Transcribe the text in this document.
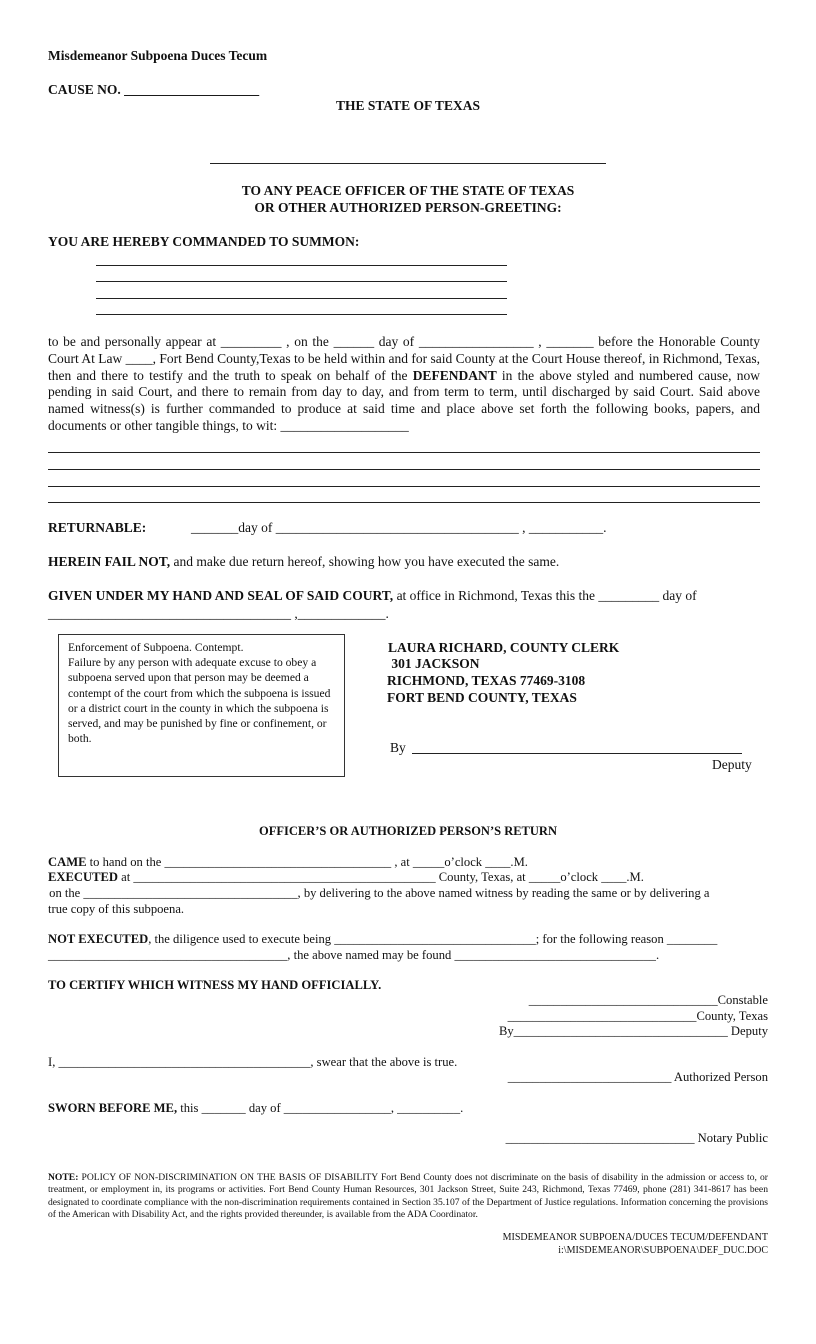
Misdemeanor Subpoena Duces Tecum
CAUSE NO. ____________________
THE STATE OF TEXAS
TO ANY PEACE OFFICER OF THE STATE OF TEXAS
OR OTHER AUTHORIZED PERSON-GREETING:
YOU ARE HEREBY COMMANDED TO SUMMON:
to be and personally appear at _________ , on the ______ day of _________________ , _______ before the Honorable County Court At Law ____, Fort Bend County,Texas to be held within and for said County at the Court House thereof, in Richmond, Texas, then and there to testify and the truth to speak on behalf of the DEFENDANT in the above styled and numbered cause, now pending in said Court, and there to remain from day to day, and from term to term, until discharged by said Court. Said above named witness(s) is further commanded to produce at said time and place above set forth the following books, papers, and documents or other tangible things, to wit: ___________________
RETURNABLE:	_______day of ____________________________________ , ___________.
HEREIN FAIL NOT, and make due return hereof, showing how you have executed the same.
GIVEN UNDER MY HAND AND SEAL OF SAID COURT, at office in Richmond, Texas this the _________ day of
____________________________________ ,_____________.
Enforcement of Subpoena. Contempt.
Failure by any person with adequate excuse to obey a subpoena served upon that person may be deemed a contempt of the court from which the subpoena is issued or a district court in the county in which the subpoena is served, and may be punished by fine or confinement, or both.
LAURA RICHARD, COUNTY CLERK
301 JACKSON
RICHMOND, TEXAS 77469-3108
FORT BEND COUNTY, TEXAS
By
Deputy
OFFICER’S OR AUTHORIZED PERSON’S RETURN
CAME to hand on the ____________________________________ , at _____o’clock ____.M.
EXECUTED at ________________________________________________ County, Texas, at _____o’clock ____.M.
on the __________________________________, by delivering to the above named witness by reading the same or by delivering a
true copy of this subpoena.
NOT EXECUTED, the diligence used to execute being ________________________________; for the following reason ________
______________________________________, the above named may be found ________________________________.
TO CERTIFY WHICH WITNESS MY HAND OFFICIALLY.
______________________________Constable
______________________________County, Texas
By__________________________________ Deputy
I, ________________________________________, swear that the above is true.
__________________________ Authorized Person
SWORN BEFORE ME, this _______ day of _________________, __________.
______________________________ Notary Public
NOTE: POLICY OF NON-DISCRIMINATION ON THE BASIS OF DISABILITY Fort Bend County does not discriminate on the basis of disability in the admission or access to, or treatment, or employment in, its programs or activities. Fort Bend County Human Resources, 301 Jackson Street, Suite 243, Richmond, Texas 77469, phone (281) 341-8617 has been designated to coordinate compliance with the non-discrimination requirements contained in Section 35.107 of the Department of Justice regulations. Information concerning the provisions of the American with Disability Act, and the rights provided thereunder, is available from the ADA Coordinator.
MISDEMEANOR SUBPOENA/DUCES TECUM/DEFENDANT
i:\MISDEMEANOR\SUBPOENA\DEF_DUC.DOC
